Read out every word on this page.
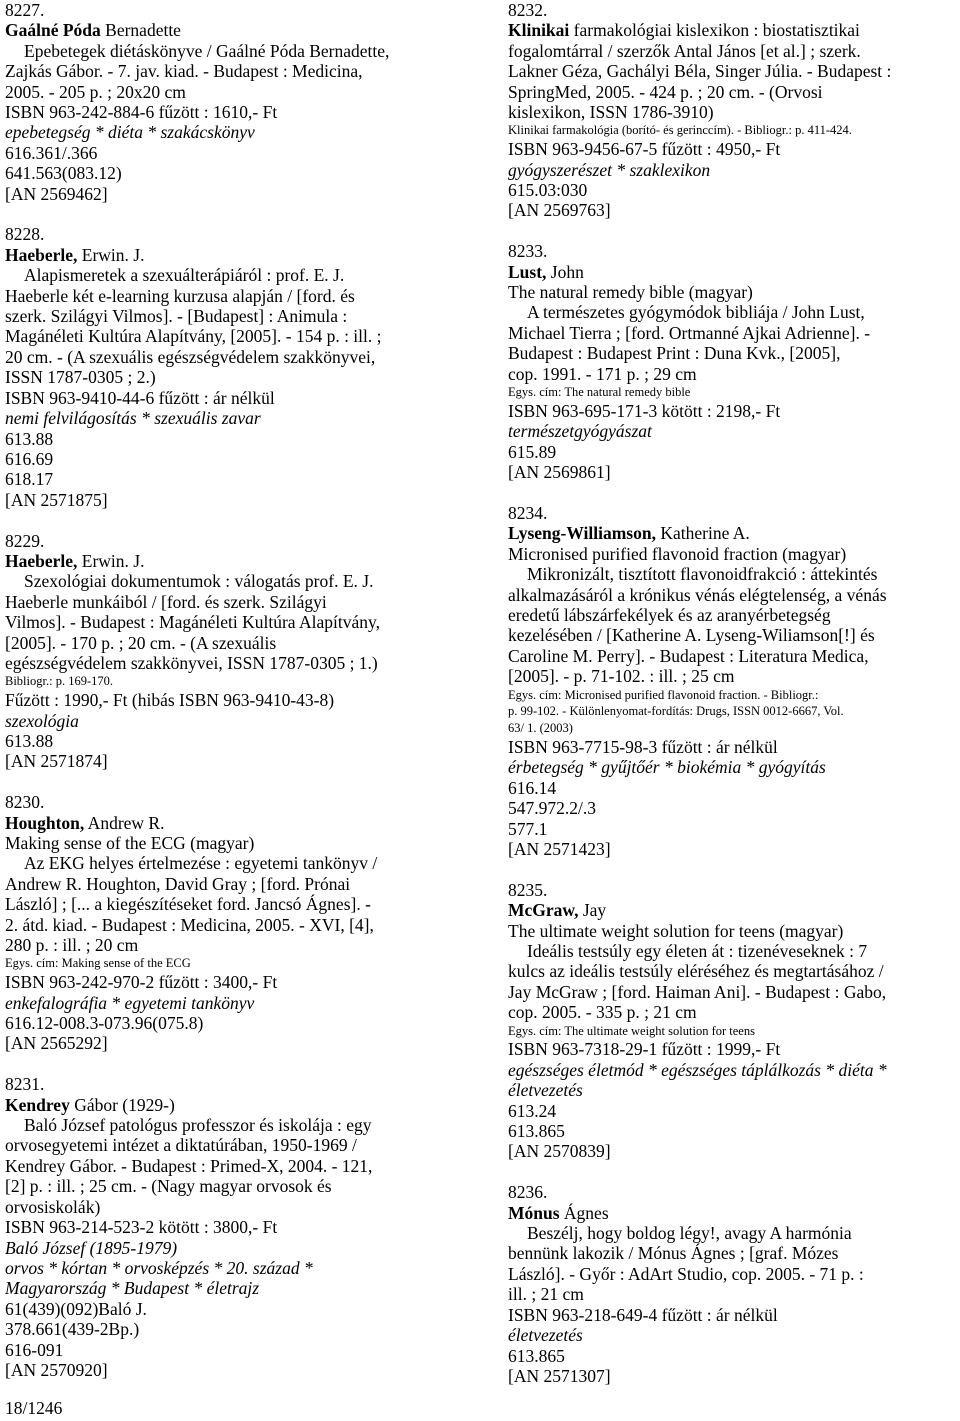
8227.
Gaálné Póda Bernadette
Epebetegek diétáskönyve / Gaálné Póda Bernadette,
Zajkás Gábor. - 7. jav. kiad. - Budapest : Medicina,
2005. - 205 p. ; 20x20 cm
ISBN 963-242-884-6 fűzött : 1610,- Ft
epebetegség * diéta * szakácskönyv
616.361/.366
641.563(083.12)
[AN 2569462]
8228.
Haeberle, Erwin. J.
Alapismeretek a szexuálterápiáról : prof. E. J.
Haeberle két e-learning kurzusa alapján / [ford. és
szerk. Szilágyi Vilmos]. - [Budapest] : Animula :
Magánéleti Kultúra Alapítvány, [2005]. - 154 p. : ill. ;
20 cm. - (A szexuális egészségvédelem szakkönyvei,
ISSN 1787-0305 ; 2.)
ISBN 963-9410-44-6 fűzött : ár nélkül
nemi felvilágosítás * szexuális zavar
613.88
616.69
618.17
[AN 2571875]
8229.
Haeberle, Erwin. J.
Szexológiai dokumentumok : válogatás prof. E. J.
Haeberle munkáiból / [ford. és szerk. Szilágyi
Vilmos]. - Budapest : Magánéleti Kultúra Alapítvány,
[2005]. - 170 p. ; 20 cm. - (A szexuális
egészségvédelem szakkönyvei, ISSN 1787-0305 ; 1.)
Bibliogr.: p. 169-170.
Fűzött : 1990,- Ft (hibás ISBN 963-9410-43-8)
szexológia
613.88
[AN 2571874]
8230.
Houghton, Andrew R.
Making sense of the ECG (magyar)
Az EKG helyes értelmezése : egyetemi tankönyv /
Andrew R. Houghton, David Gray ; [ford. Prónai
László] ; [... a kiegészítéseket ford. Jancsó Ágnes]. -
2. átd. kiad. - Budapest : Medicina, 2005. - XVI, [4],
280 p. : ill. ; 20 cm
Egys. cím: Making sense of the ECG
ISBN 963-242-970-2 fűzött : 3400,- Ft
enkefalográfia * egyetemi tankönyv
616.12-008.3-073.96(075.8)
[AN 2565292]
8231.
Kendrey Gábor (1929-)
Baló József patológus professzor és iskolája : egy
orvosegyetemi intézet a diktatúrában, 1950-1969 /
Kendrey Gábor. - Budapest : Primed-X, 2004. - 121,
[2] p. : ill. ; 25 cm. - (Nagy magyar orvosok és
orvosiskolák)
ISBN 963-214-523-2 kötött : 3800,- Ft
Baló József (1895-1979)
orvos * kórtan * orvosképzés * 20. század *
Magyarország * Budapest * életrajz
61(439)(092)Baló J.
378.661(439-2Bp.)
616-091
[AN 2570920]
8232.
Klinikai farmakológiai kislexikon : biostatisztikai
fogalomtárral / szerzők Antal János [et al.] ; szerk.
Lakner Géza, Gachályi Béla, Singer Júlia. - Budapest :
SpringMed, 2005. - 424 p. ; 20 cm. - (Orvosi
kislexikon, ISSN 1786-3910)
Klinikai farmakológia (borító- és gerinccím). - Bibliogr.: p. 411-424.
ISBN 963-9456-67-5 fűzött : 4950,- Ft
gyógyszerészet * szaklexikon
615.03:030
[AN 2569763]
8233.
Lust, John
The natural remedy bible (magyar)
A természetes gyógymódok bibliája / John Lust,
Michael Tierra ; [ford. Ortmanné Ajkai Adrienne]. -
Budapest : Budapest Print : Duna Kvk., [2005],
cop. 1991. - 171 p. ; 29 cm
Egys. cím: The natural remedy bible
ISBN 963-695-171-3 kötött : 2198,- Ft
természetgyógyászat
615.89
[AN 2569861]
8234.
Lyseng-Williamson, Katherine A.
Micronised purified flavonoid fraction (magyar)
Mikronizált, tisztított flavonoidfrakció : áttekintés
alkalmazásáról a krónikus vénás elégtelenség, a vénás
eredetű lábszárfekélyek és az aranyérbetegség
kezelésében / [Katherine A. Lyseng-Wiliamson[!] és
Caroline M. Perry]. - Budapest : Literatura Medica,
[2005]. - p. 71-102. : ill. ; 25 cm
Egys. cím: Micronised purified flavonoid fraction. - Bibliogr.:
p. 99-102. - Különlenyomat-fordítás: Drugs, ISSN 0012-6667, Vol.
63/ 1. (2003)
ISBN 963-7715-98-3 fűzött : ár nélkül
érbetegség * gyűjtőér * biokémia * gyógyítás
616.14
547.972.2/.3
577.1
[AN 2571423]
8235.
McGraw, Jay
The ultimate weight solution for teens (magyar)
Ideális testsúly egy életen át : tizenéveseknek : 7
kulcs az ideális testsúly eléréséhez és megtartásához /
Jay McGraw ; [ford. Haiman Ani]. - Budapest : Gabo,
cop. 2005. - 335 p. ; 21 cm
Egys. cím: The ultimate weight solution for teens
ISBN 963-7318-29-1 fűzött : 1999,- Ft
egészséges életmód * egészséges táplálkozás * diéta *
életvezetés
613.24
613.865
[AN 2570839]
8236.
Mónus Ágnes
Beszélj, hogy boldog légy!, avagy A harmónia
bennünk lakozik / Mónus Ágnes ; [graf. Mózes
László]. - Győr : AdArt Studio, cop. 2005. - 71 p. :
ill. ; 21 cm
ISBN 963-218-649-4 fűzött : ár nélkül
életvezetés
613.865
[AN 2571307]
18/1246
